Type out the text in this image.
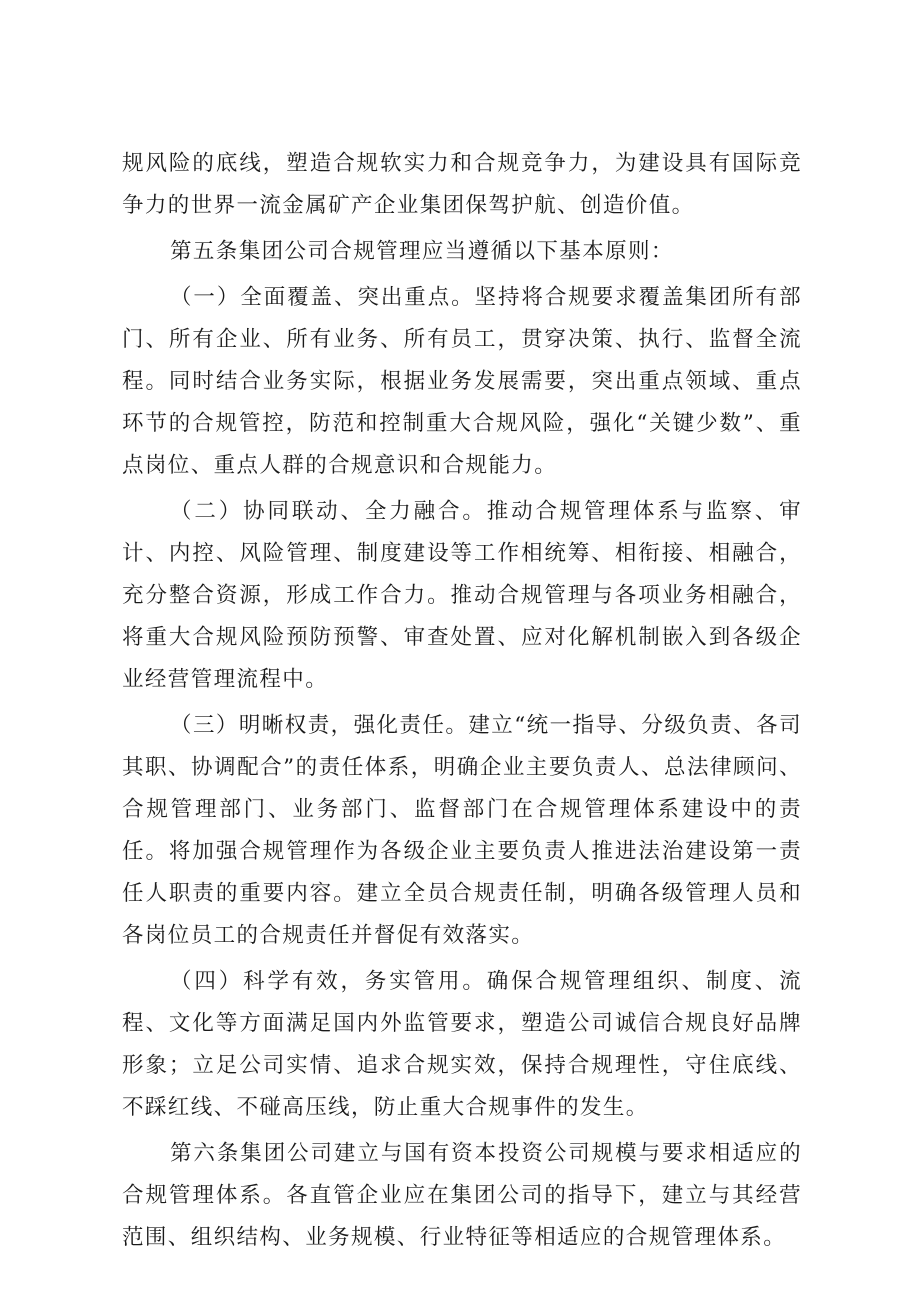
规风险的底线，塑造合规软实力和合规竞争力，为建设具有国际竞争力的世界一流金属矿产企业集团保驾护航、创造价值。

第五条集团公司合规管理应当遵循以下基本原则：

（一）全面覆盖、突出重点。坚持将合规要求覆盖集团所有部门、所有企业、所有业务、所有员工，贯穿决策、执行、监督全流程。同时结合业务实际，根据业务发展需要，突出重点领域、重点环节的合规管控，防范和控制重大合规风险，强化“关键少数”、重点岗位、重点人群的合规意识和合规能力。

（二）协同联动、全力融合。推动合规管理体系与监察、审计、内控、风险管理、制度建设等工作相统筹、相衔接、相融合，充分整合资源，形成工作合力。推动合规管理与各项业务相融合，将重大合规风险预防预警、审查处置、应对化解机制嵌入到各级企业经营管理流程中。

（三）明晰权责，强化责任。建立“统一指导、分级负责、各司其职、协调配合”的责任体系，明确企业主要负责人、总法律顾问、合规管理部门、业务部门、监督部门在合规管理体系建设中的责任。将加强合规管理作为各级企业主要负责人推进法治建设第一责任人职责的重要内容。建立全员合规责任制，明确各级管理人员和各岗位员工的合规责任并督促有效落实。

（四）科学有效，务实管用。确保合规管理组织、制度、流程、文化等方面满足国内外监管要求，塑造公司诚信合规良好品牌形象；立足公司实情、追求合规实效，保持合规理性，守住底线、不踩红线、不碰高压线，防止重大合规事件的发生。

第六条集团公司建立与国有资本投资公司规模与要求相适应的合规管理体系。各直管企业应在集团公司的指导下，建立与其经营范围、组织结构、业务规模、行业特征等相适应的合规管理体系。
